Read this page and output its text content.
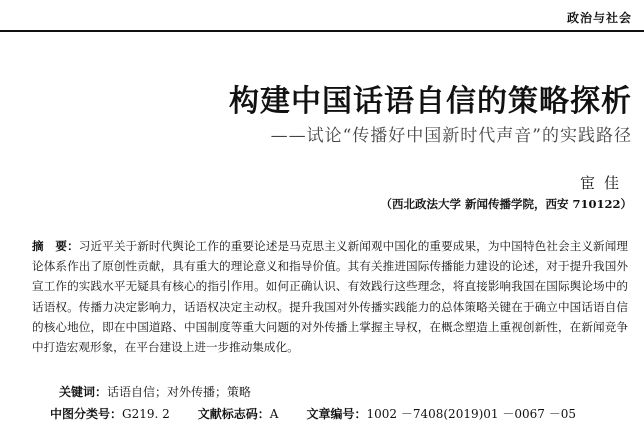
政治与社会
构建中国话语自信的策略探析
——试论“传播好中国新时代声音”的实践路径
宦佳
（西北政法大学 新闻传播学院，西安 710122）

摘　要：习近平关于新时代舆论工作的重要论述是马克思主义新闻观中国化的重要成果，为中国特色社会主义新闻理论体系作出了原创性贡献，具有重大的理论意义和指导价值。其有关推进国际传播能力建设的论述，对于提升我国外宣工作的实践水平无疑具有核心的指引作用。如何正确认识、有效践行这些理念，将直接影响我国在国际舆论场中的话语权。传播力决定影响力，话语权决定主动权。提升我国对外传播实践能力的总体策略关键在于确立中国话语自信的核心地位，即在中国道路、中国制度等重大问题的对外传播上掌握主导权，在概念塑造上重视创新性，在新闻竞争中打造宏观形象，在平台建设上进一步推动集成化。

关键词：话语自信；对外传播；策略
中图分类号：G219. 2 文献标志码：A 文章编号：1002 －7408(2019)01 －0067 －05
